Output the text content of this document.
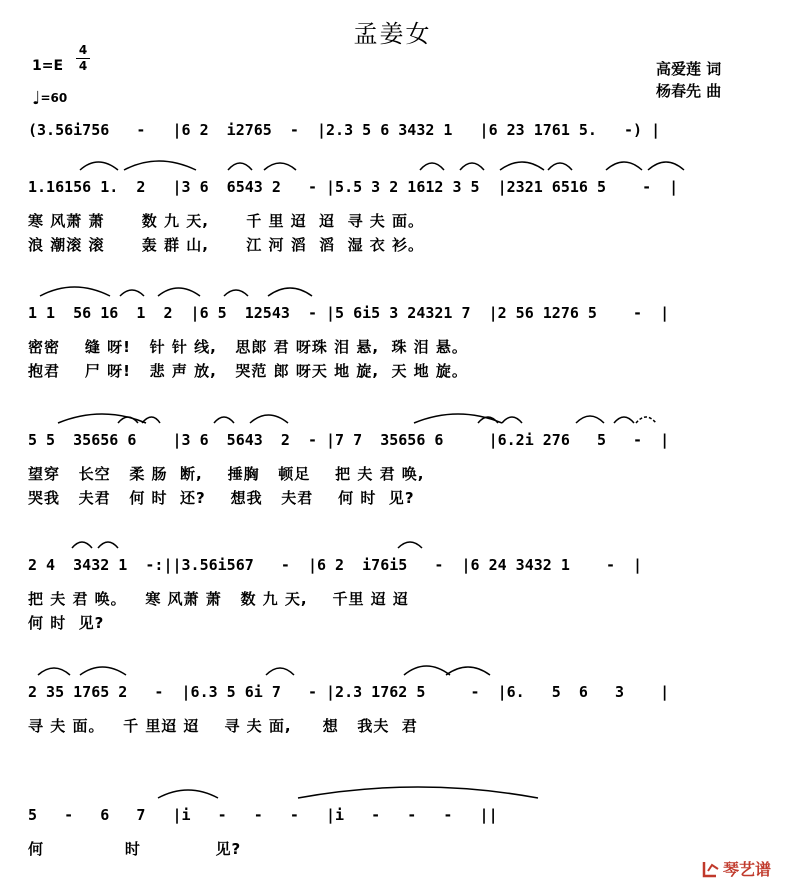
孟姜女
1=E
4
4
♩=60
高爱莲 词
杨春先 曲
(3.56i756   -   |6 2  i2765  -  |2.3 5 6 3432 1   |6 23 1761 5.   -) |
1.16156 1.  2   |3 6  6543 2   - |5.5 3 2 1612 3 5  |2321 6516 5    -  |
寒 风萧 萧      数 九 天,      千 里 迢  迢  寻 夫 面。
浪 潮滚 滚      轰 群 山,      江 河 滔  滔  湿 衣 衫。
1 1  56 16  1  2  |6 5  12543  - |5 6i5 3 24321 7  |2 56 1276 5    -  |
密密    缝 呀!   针 针 线,   思郎 君 呀珠 泪 悬,  珠 泪 悬。
抱君    尸 呀!   悲 声 放,   哭范 郎 呀天 地 旋,  天 地 旋。
5 5  35656 6    |3 6  5643  2  - |7 7  35656 6     |6.2i 276   5   -  |
望穿   长空   柔 肠  断,    捶胸   顿足    把 夫 君 唤,
哭我   夫君   何 时  还?    想我   夫君    何 时  见?
2 4  3432 1  -:||3.56i567   -  |6 2  i76i5   -  |6 24 3432 1    -  |
把 夫 君 唤。   寒 风萧 萧   数 九 天,    千里 迢 迢
何 时  见?
2 35 1765 2   -  |6.3 5 6i 7   - |2.3 1762 5     -  |6.   5  6   3    |
寻 夫 面。   千 里迢 迢    寻 夫 面,     想   我夫  君
5   -   6   7   |i   -   -   -   |i   -   -   -   ||
何             时            见?
琴艺谱
